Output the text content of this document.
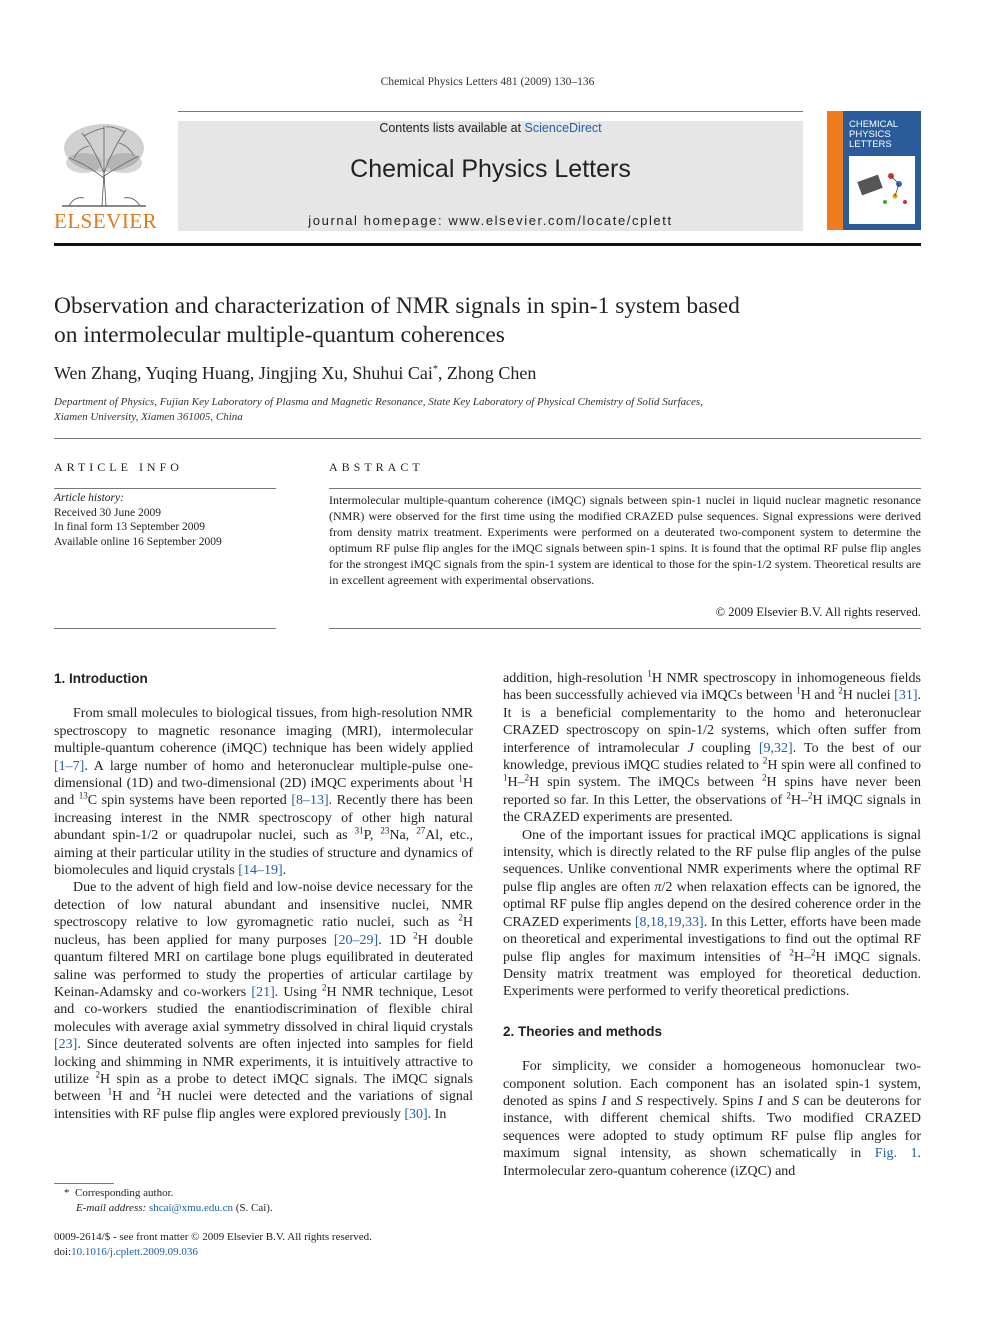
Chemical Physics Letters 481 (2009) 130–136
Contents lists available at ScienceDirect
Chemical Physics Letters
journal homepage: www.elsevier.com/locate/cplett
ELSEVIER
CHEMICAL PHYSICS LETTERS
Observation and characterization of NMR signals in spin-1 system based
on intermolecular multiple-quantum coherences
Wen Zhang, Yuqing Huang, Jingjing Xu, Shuhui Cai*, Zhong Chen
Department of Physics, Fujian Key Laboratory of Plasma and Magnetic Resonance, State Key Laboratory of Physical Chemistry of Solid Surfaces,
Xiamen University, Xiamen 361005, China
ARTICLE INFO
Article history:
Received 30 June 2009
In final form 13 September 2009
Available online 16 September 2009
ABSTRACT
Intermolecular multiple-quantum coherence (iMQC) signals between spin-1 nuclei in liquid nuclear magnetic resonance (NMR) were observed for the first time using the modified CRAZED pulse sequences. Signal expressions were derived from density matrix treatment. Experiments were performed on a deuterated two-component system to determine the optimum RF pulse flip angles for the iMQC signals between spin-1 spins. It is found that the optimal RF pulse flip angles for the strongest iMQC signals from the spin-1 system are identical to those for the spin-1/2 system. Theoretical results are in excellent agreement with experimental observations.
© 2009 Elsevier B.V. All rights reserved.
1. Introduction

From small molecules to biological tissues, from high-resolution NMR spectroscopy to magnetic resonance imaging (MRI), intermolecular multiple-quantum coherence (iMQC) technique has been widely applied [1–7]. A large number of homo and heteronuclear multiple-pulse one-dimensional (1D) and two-dimensional (2D) iMQC experiments about $^1$H and $^{13}$C spin systems have been reported [8–13]. Recently there has been increasing interest in the NMR spectroscopy of other high natural abundant spin-1/2 or quadrupolar nuclei, such as $^{31}$P, $^{23}$Na, $^{27}$Al, etc., aiming at their particular utility in the studies of structure and dynamics of biomolecules and liquid crystals [14–19].

Due to the advent of high field and low-noise device necessary for the detection of low natural abundant and insensitive nuclei, NMR spectroscopy relative to low gyromagnetic ratio nuclei, such as $^2$H nucleus, has been applied for many purposes [20–29]. 1D $^2$H double quantum filtered MRI on cartilage bone plugs equilibrated in deuterated saline was performed to study the properties of articular cartilage by Keinan-Adamsky and co-workers [21]. Using $^2$H NMR technique, Lesot and co-workers studied the enantiodiscrimination of flexible chiral molecules with average axial symmetry dissolved in chiral liquid crystals [23]. Since deuterated solvents are often injected into samples for field locking and shimming in NMR experiments, it is intuitively attractive to utilize $^2$H spin as a probe to detect iMQC signals. The iMQC signals between $^1$H and $^2$H nuclei were detected and the variations of signal intensities with RF pulse flip angles were explored previously [30]. In

addition, high-resolution $^1$H NMR spectroscopy in inhomogeneous fields has been successfully achieved via iMQCs between $^1$H and $^2$H nuclei [31]. It is a beneficial complementarity to the homo and heteronuclear CRAZED spectroscopy on spin-1/2 systems, which often suffer from interference of intramolecular J coupling [9,32]. To the best of our knowledge, previous iMQC studies related to $^2$H spin were all confined to $^1$H–$^2$H spin system. The iMQCs between $^2$H spins have never been reported so far. In this Letter, the observations of $^2$H–$^2$H iMQC signals in the CRAZED experiments are presented.

One of the important issues for practical iMQC applications is signal intensity, which is directly related to the RF pulse flip angles of the pulse sequences. Unlike conventional NMR experiments where the optimal RF pulse flip angles are often π/2 when relaxation effects can be ignored, the optimal RF pulse flip angles depend on the desired coherence order in the CRAZED experiments [8,18,19,33]. In this Letter, efforts have been made on theoretical and experimental investigations to find out the optimal RF pulse flip angles for maximum intensities of $^2$H–$^2$H iMQC signals. Density matrix treatment was employed for theoretical deduction. Experiments were performed to verify theoretical predictions.

2. Theories and methods

For simplicity, we consider a homogeneous homonuclear two-component solution. Each component has an isolated spin-1 system, denoted as spins I and S respectively. Spins I and S can be deuterons for instance, with different chemical shifts. Two modified CRAZED sequences were adopted to study optimum RF pulse flip angles for maximum signal intensity, as shown schematically in Fig. 1. Intermolecular zero-quantum coherence (iZQC) and

* Corresponding author.
E-mail address: shcai@xmu.edu.cn (S. Cai).
0009-2614/$ - see front matter © 2009 Elsevier B.V. All rights reserved.
doi:10.1016/j.cplett.2009.09.036
